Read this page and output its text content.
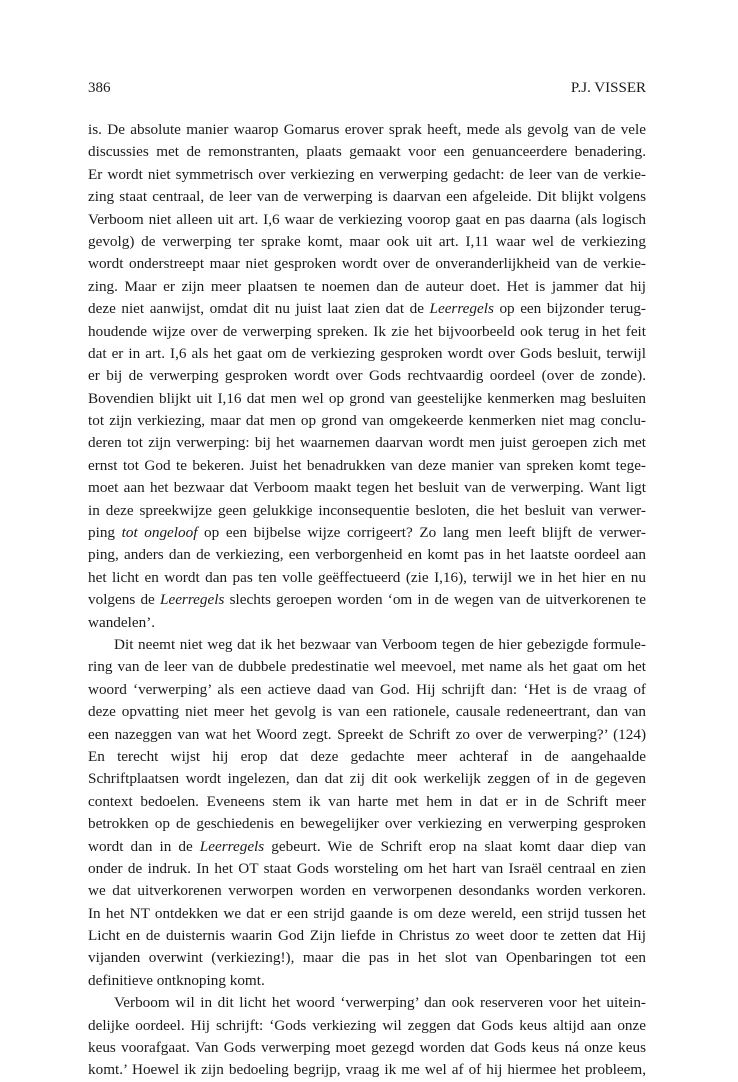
386	P.J. VISSER
is. De absolute manier waarop Gomarus erover sprak heeft, mede als gevolg van de vele
discussies met de remonstranten, plaats gemaakt voor een genuanceerdere benadering.
Er wordt niet symmetrisch over verkiezing en verwerping gedacht: de leer van de verkie-
zing staat centraal, de leer van de verwerping is daarvan een afgeleide. Dit blijkt volgens
Verboom niet alleen uit art. I,6 waar de verkiezing voorop gaat en pas daarna (als logisch
gevolg) de verwerping ter sprake komt, maar ook uit art. I,11 waar wel de verkiezing
wordt onderstreept maar niet gesproken wordt over de onveranderlijkheid van de verkie-
zing. Maar er zijn meer plaatsen te noemen dan de auteur doet. Het is jammer dat hij
deze niet aanwijst, omdat dit nu juist laat zien dat de Leerregels op een bijzonder terug-
houdende wijze over de verwerping spreken. Ik zie het bijvoorbeeld ook terug in het feit
dat er in art. I,6 als het gaat om de verkiezing gesproken wordt over Gods besluit, terwijl
er bij de verwerping gesproken wordt over Gods rechtvaardig oordeel (over de zonde).
Bovendien blijkt uit I,16 dat men wel op grond van geestelijke kenmerken mag besluiten
tot zijn verkiezing, maar dat men op grond van omgekeerde kenmerken niet mag conclu-
deren tot zijn verwerping: bij het waarnemen daarvan wordt men juist geroepen zich met
ernst tot God te bekeren. Juist het benadrukken van deze manier van spreken komt tege-
moet aan het bezwaar dat Verboom maakt tegen het besluit van de verwerping. Want ligt
in deze spreekwijze geen gelukkige inconsequentie besloten, die het besluit van verwer-
ping tot ongeloof op een bijbelse wijze corrigeert? Zo lang men leeft blijft de verwer-
ping, anders dan de verkiezing, een verborgenheid en komt pas in het laatste oordeel aan
het licht en wordt dan pas ten volle geëffectueerd (zie I,16), terwijl we in het hier en nu
volgens de Leerregels slechts geroepen worden ‘om in de wegen van de uitverkorenen te
wandelen’.
Dit neemt niet weg dat ik het bezwaar van Verboom tegen de hier gebezigde formule-
ring van de leer van de dubbele predestinatie wel meevoel, met name als het gaat om het
woord ‘verwerping’ als een actieve daad van God. Hij schrijft dan: ‘Het is de vraag of
deze opvatting niet meer het gevolg is van een rationele, causale redeneertrant, dan van
een nazeggen van wat het Woord zegt. Spreekt de Schrift zo over de verwerping?’ (124)
En terecht wijst hij erop dat deze gedachte meer achteraf in de aangehaalde
Schriftplaatsen wordt ingelezen, dan dat zij dit ook werkelijk zeggen of in de gegeven
context bedoelen. Eveneens stem ik van harte met hem in dat er in de Schrift meer
betrokken op de geschiedenis en bewegelijker over verkiezing en verwerping gesproken
wordt dan in de Leerregels gebeurt. Wie de Schrift erop na slaat komt daar diep van
onder de indruk. In het OT staat Gods worsteling om het hart van Israël centraal en zien
we dat uitverkorenen verworpen worden en verworpenen desondanks worden verkoren.
In het NT ontdekken we dat er een strijd gaande is om deze wereld, een strijd tussen het
Licht en de duisternis waarin God Zijn liefde in Christus zo weet door te zetten dat Hij
vijanden overwint (verkiezing!), maar die pas in het slot van Openbaringen tot een
definitieve ontknoping komt.
Verboom wil in dit licht het woord ‘verwerping’ dan ook reserveren voor het uitein-
delijke oordeel. Hij schrijft: ‘Gods verkiezing wil zeggen dat Gods keus altijd aan onze
keus voorafgaat. Van Gods verwerping moet gezegd worden dat Gods keus ná onze keus
komt.’ Hoewel ik zijn bedoeling begrijp, vraag ik me wel af of hij hiermee het probleem,
